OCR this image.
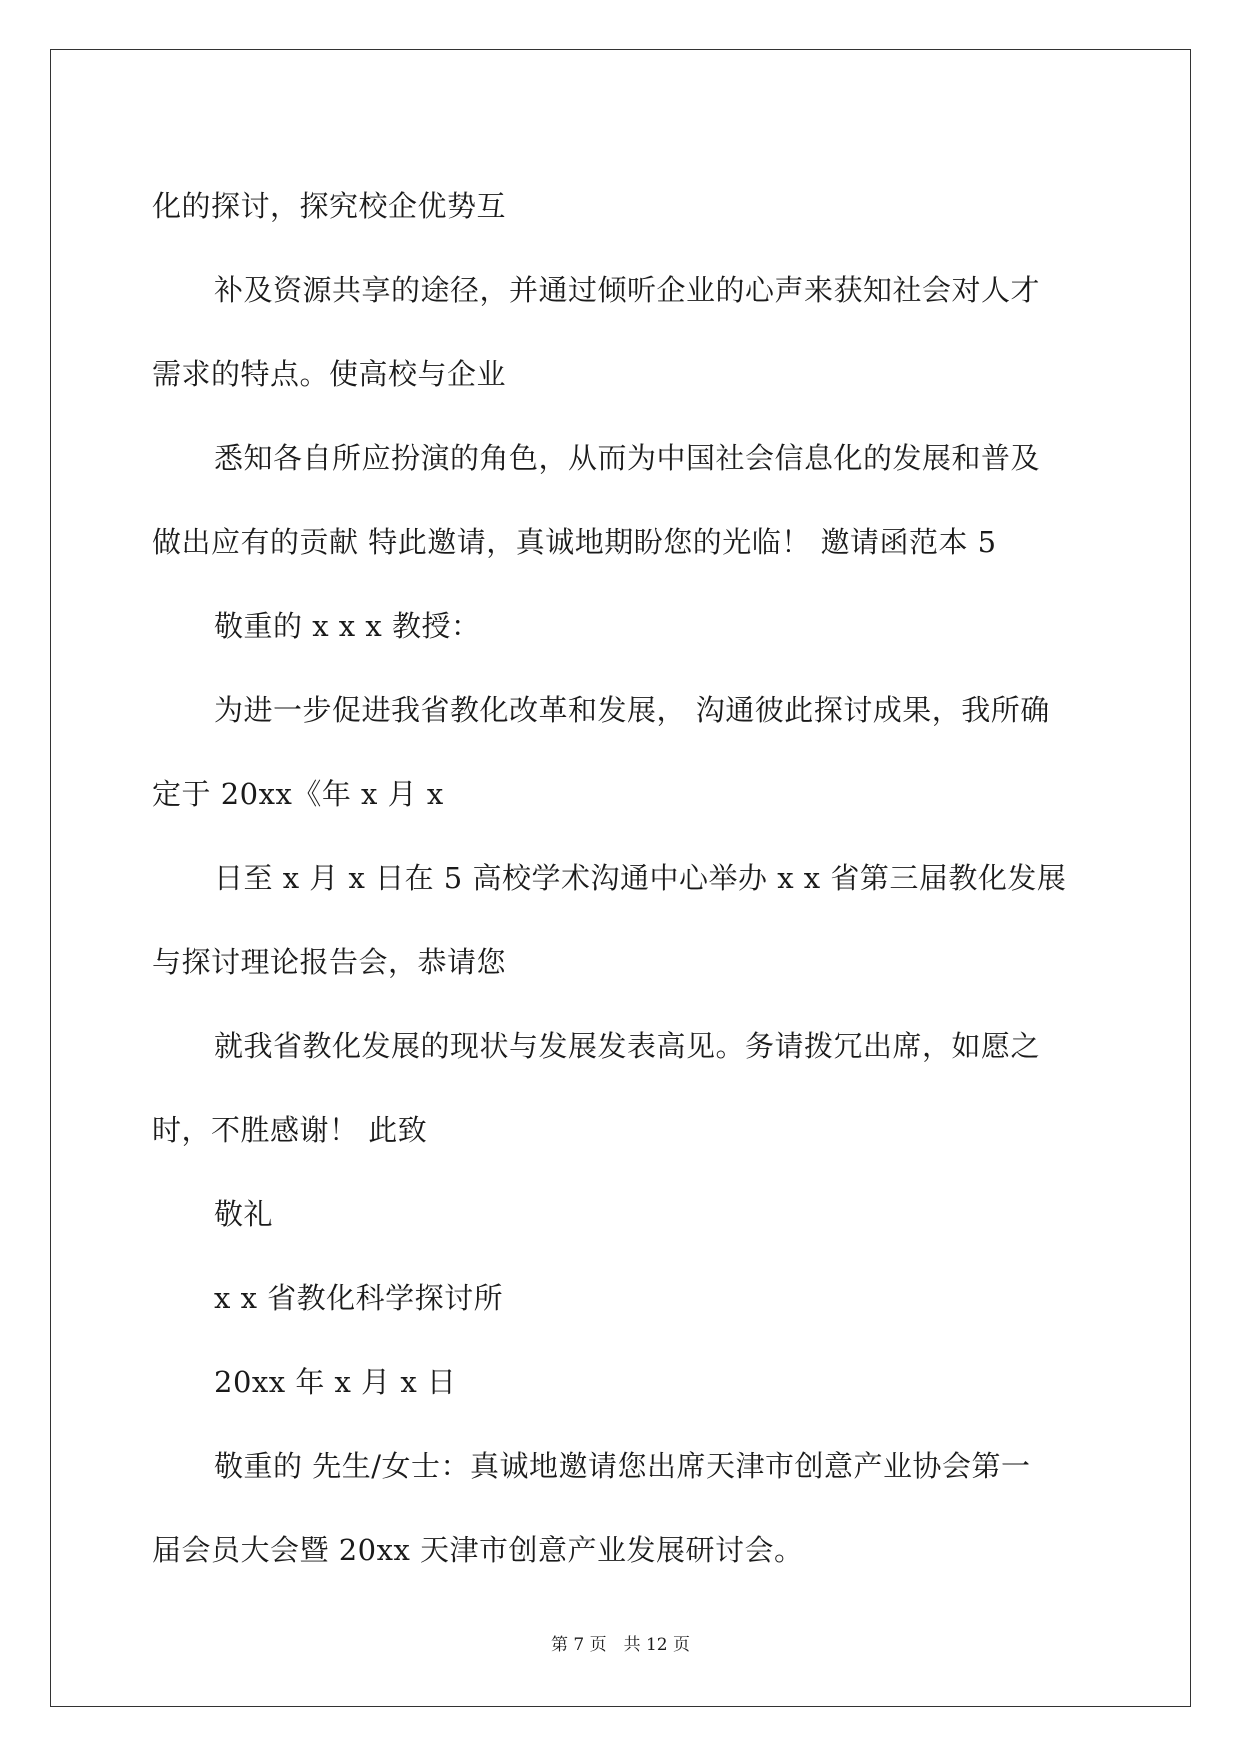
化的探讨，探究校企优势互

补及资源共享的途径，并通过倾听企业的心声来获知社会对人才

需求的特点。使高校与企业

悉知各自所应扮演的角色，从而为中国社会信息化的发展和普及

做出应有的贡献 特此邀请，真诚地期盼您的光临！ 邀请函范本 5

敬重的 x x x 教授：

为进一步促进我省教化改革和发展， 沟通彼此探讨成果，我所确

定于 20xx《年 x 月 x

日至 x 月 x 日在 5 高校学术沟通中心举办 x x 省第三届教化发展

与探讨理论报告会，恭请您

就我省教化发展的现状与发展发表高见。务请拨冗出席，如愿之

时，不胜感谢！ 此致

敬礼

x x 省教化科学探讨所

20xx 年 x 月 x 日

敬重的 先生/女士：真诚地邀请您出席天津市创意产业协会第一

届会员大会暨 20xx 天津市创意产业发展研讨会。

第 7 页　共 12 页
